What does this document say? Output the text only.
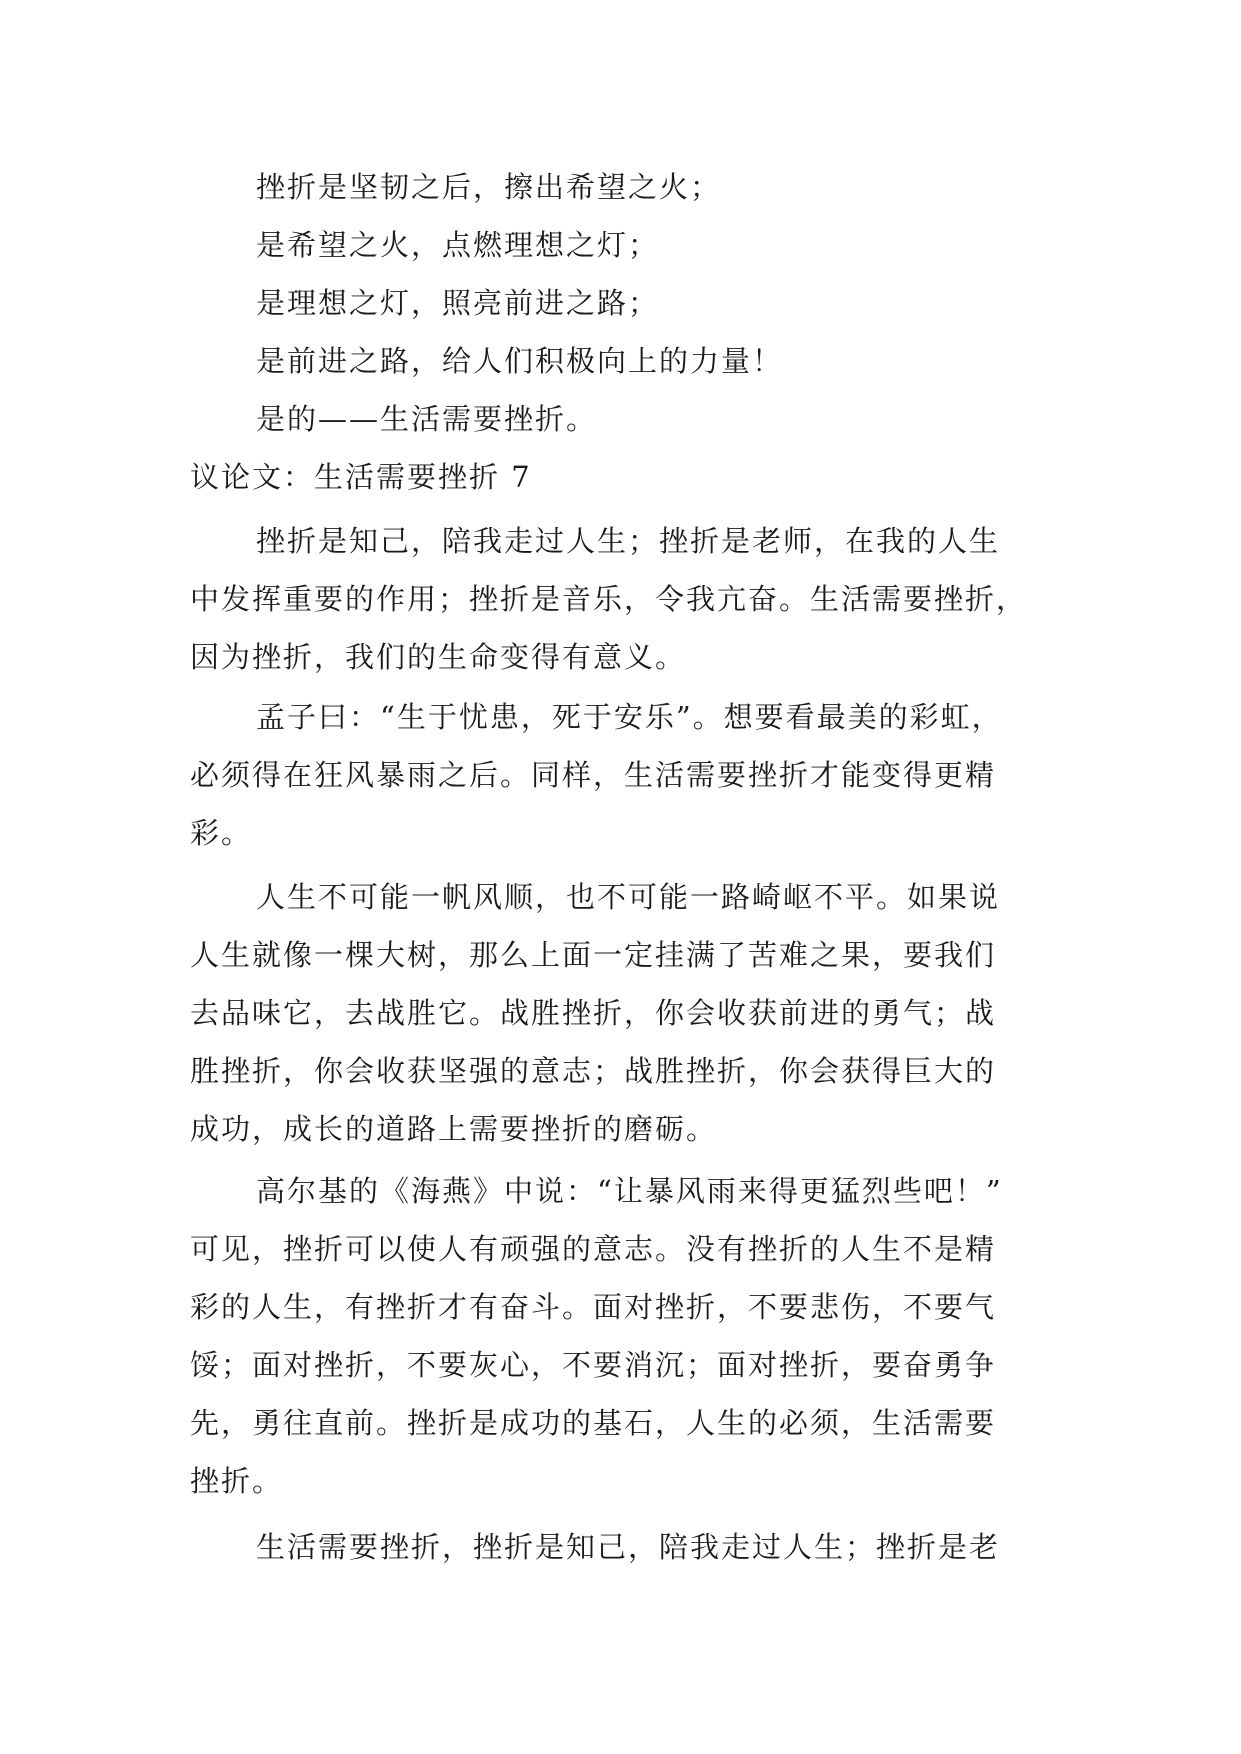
挫折是坚韧之后，擦出希望之火；
是希望之火，点燃理想之灯；
是理想之灯，照亮前进之路；
是前进之路，给人们积极向上的力量！
是的——生活需要挫折。
议论文：生活需要挫折 7
挫折是知己，陪我走过人生；挫折是老师，在我的人生
中发挥重要的作用；挫折是音乐，令我亢奋。生活需要挫折，
因为挫折，我们的生命变得有意义。
孟子曰：“生于忧患，死于安乐”。想要看最美的彩虹，
必须得在狂风暴雨之后。同样，生活需要挫折才能变得更精
彩。
人生不可能一帆风顺，也不可能一路崎岖不平。如果说
人生就像一棵大树，那么上面一定挂满了苦难之果，要我们
去品味它，去战胜它。战胜挫折，你会收获前进的勇气；战
胜挫折，你会收获坚强的意志；战胜挫折，你会获得巨大的
成功，成长的道路上需要挫折的磨砺。
高尔基的《海燕》中说：“让暴风雨来得更猛烈些吧！”
可见，挫折可以使人有顽强的意志。没有挫折的人生不是精
彩的人生，有挫折才有奋斗。面对挫折，不要悲伤，不要气
馁；面对挫折，不要灰心，不要消沉；面对挫折，要奋勇争
先，勇往直前。挫折是成功的基石，人生的必须，生活需要
挫折。
生活需要挫折，挫折是知己，陪我走过人生；挫折是老
